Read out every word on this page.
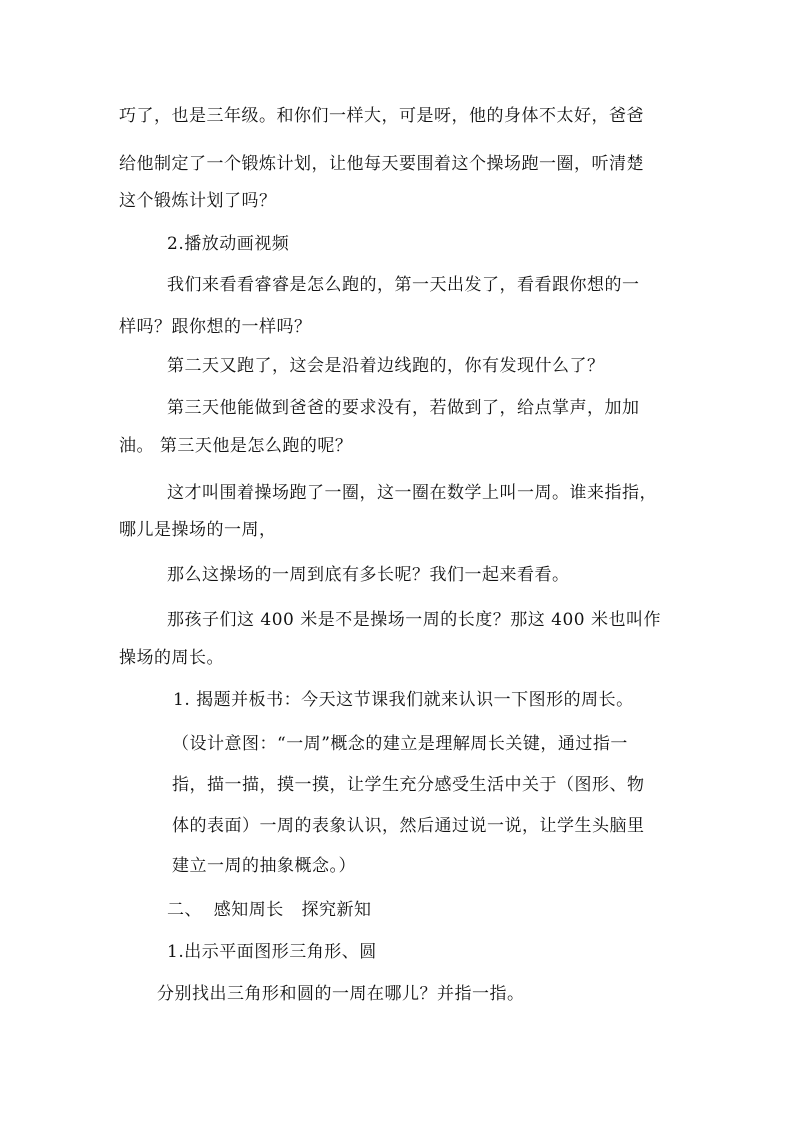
巧了，也是三年级。和你们一样大，可是呀，他的身体不太好，爸爸
给他制定了一个锻炼计划，让他每天要围着这个操场跑一圈，听清楚
这个锻炼计划了吗？
2.播放动画视频
我们来看看睿睿是怎么跑的，第一天出发了，看看跟你想的一
样吗？跟你想的一样吗？
第二天又跑了，这会是沿着边线跑的，你有发现什么了？
第三天他能做到爸爸的要求没有，若做到了，给点掌声，加加
油。 第三天他是怎么跑的呢？
这才叫围着操场跑了一圈，这一圈在数学上叫一周。谁来指指，
哪儿是操场的一周，
那么这操场的一周到底有多长呢？我们一起来看看。
那孩子们这 400 米是不是操场一周的长度？那这 400 米也叫作
操场的周长。
1. 揭题并板书：今天这节课我们就来认识一下图形的周长。
（设计意图：“一周”概念的建立是理解周长关键，通过指一
指，描一描，摸一摸，让学生充分感受生活中关于（图形、物
体的表面）一周的表象认识，然后通过说一说，让学生头脑里
建立一周的抽象概念。）
二、  感知周长   探究新知
1.出示平面图形三角形、圆
分别找出三角形和圆的一周在哪儿？并指一指。
